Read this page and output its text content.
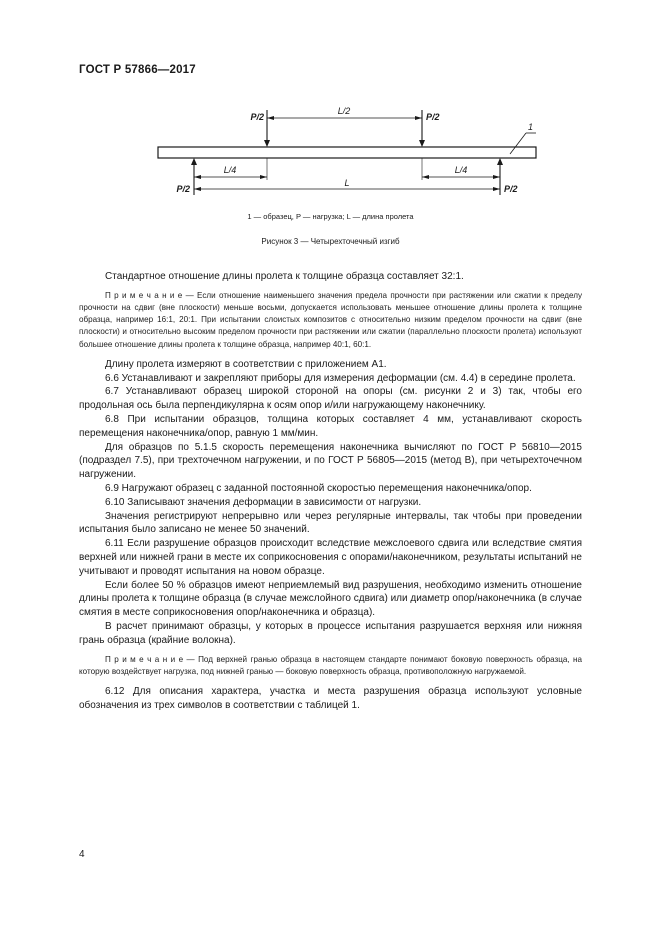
ГОСТ Р 57866—2017
L/2
P/2	P/2
L/4	L/4
L
P/2	P/2
1
1 — образец, P — нагрузка; L — длина пролета
Рисунок 3 — Четырехточечный изгиб

Стандартное отношение длины пролета к толщине образца составляет 32:1.

П р и м е ч а н и е — Если отношение наименьшего значения предела прочности при растяжении или сжатии к пределу прочности на сдвиг (вне плоскости) меньше восьми, допускается использовать меньшее отношение длины пролета к толщине образца, например 16:1, 20:1. При испытании слоистых композитов с относительно низким пределом прочности на сдвиг (вне плоскости) и относительно высоким пределом прочности при растяжении или сжатии (параллельно плоскости пролета) используют большее отношение длины пролета к толщине образца, например 40:1, 60:1.

Длину пролета измеряют в соответствии с приложением А1.

6.6 Устанавливают и закрепляют приборы для измерения деформации (см. 4.4) в середине пролета.

6.7 Устанавливают образец широкой стороной на опоры (см. рисунки 2 и 3) так, чтобы его продольная ось была перпендикулярна к осям опор и/или нагружающему наконечнику.

6.8 При испытании образцов, толщина которых составляет 4 мм, устанавливают скорость перемещения наконечника/опор, равную 1 мм/мин.

Для образцов по 5.1.5 скорость перемещения наконечника вычисляют по ГОСТ Р 56810—2015 (подраздел 7.5), при трехточечном нагружении, и по ГОСТ Р 56805—2015 (метод В), при четырехточечном нагружении.

6.9 Нагружают образец с заданной постоянной скоростью перемещения наконечника/опор.

6.10 Записывают значения деформации в зависимости от нагрузки.

Значения регистрируют непрерывно или через регулярные интервалы, так чтобы при проведении испытания было записано не менее 50 значений.

6.11 Если разрушение образцов происходит вследствие межслоевого сдвига или вследствие смятия верхней или нижней грани в месте их соприкосновения с опорами/наконечником, результаты испытаний не учитывают и проводят испытания на новом образце.

Если более 50 % образцов имеют неприемлемый вид разрушения, необходимо изменить отношение длины пролета к толщине образца (в случае межслойного сдвига) или диаметр опор/наконечника (в случае смятия в месте соприкосновения опор/наконечника и образца).

В расчет принимают образцы, у которых в процессе испытания разрушается верхняя или нижняя грань образца (крайние волокна).

П р и м е ч а н и е — Под верхней гранью образца в настоящем стандарте понимают боковую поверхность образца, на которую воздействует нагрузка, под нижней гранью — боковую поверхность образца, противоположную нагружаемой.

6.12 Для описания характера, участка и места разрушения образца используют условные обозначения из трех символов в соответствии с таблицей 1.

4
